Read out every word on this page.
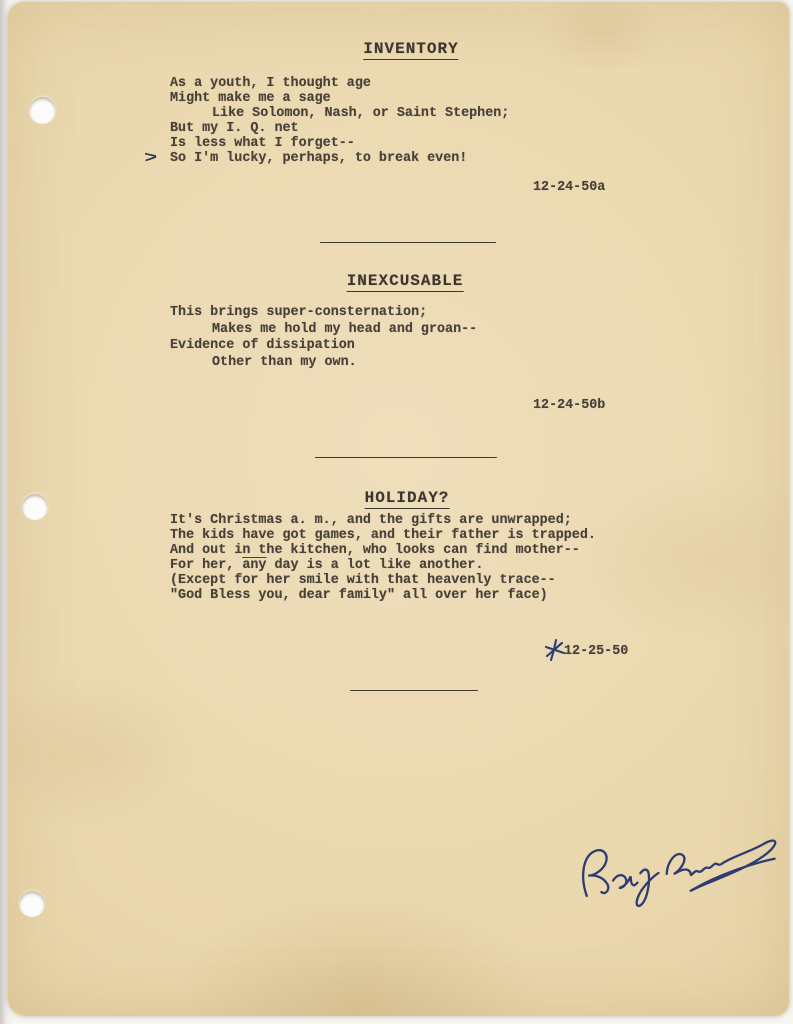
INVENTORY
As a youth, I thought age
Might make me a sage
Like Solomon, Nash, or Saint Stephen;
But my I. Q. net
Is less what I forget--
So I'm lucky, perhaps, to break even!
>
12-24-50a
INEXCUSABLE
This brings super-consternation;
Makes me hold my head and groan--
Evidence of dissipation
Other than my own.
12-24-50b
HOLIDAY?
It's Christmas a. m., and the gifts are unwrapped;
The kids have got games, and their father is trapped.
And out in the kitchen, who looks can find mother--
For her, $\overline{any}$ day is a lot like another.
(Except for her smile with that heavenly trace--
"God Bless you, dear family" all over her face)
12-25-50
